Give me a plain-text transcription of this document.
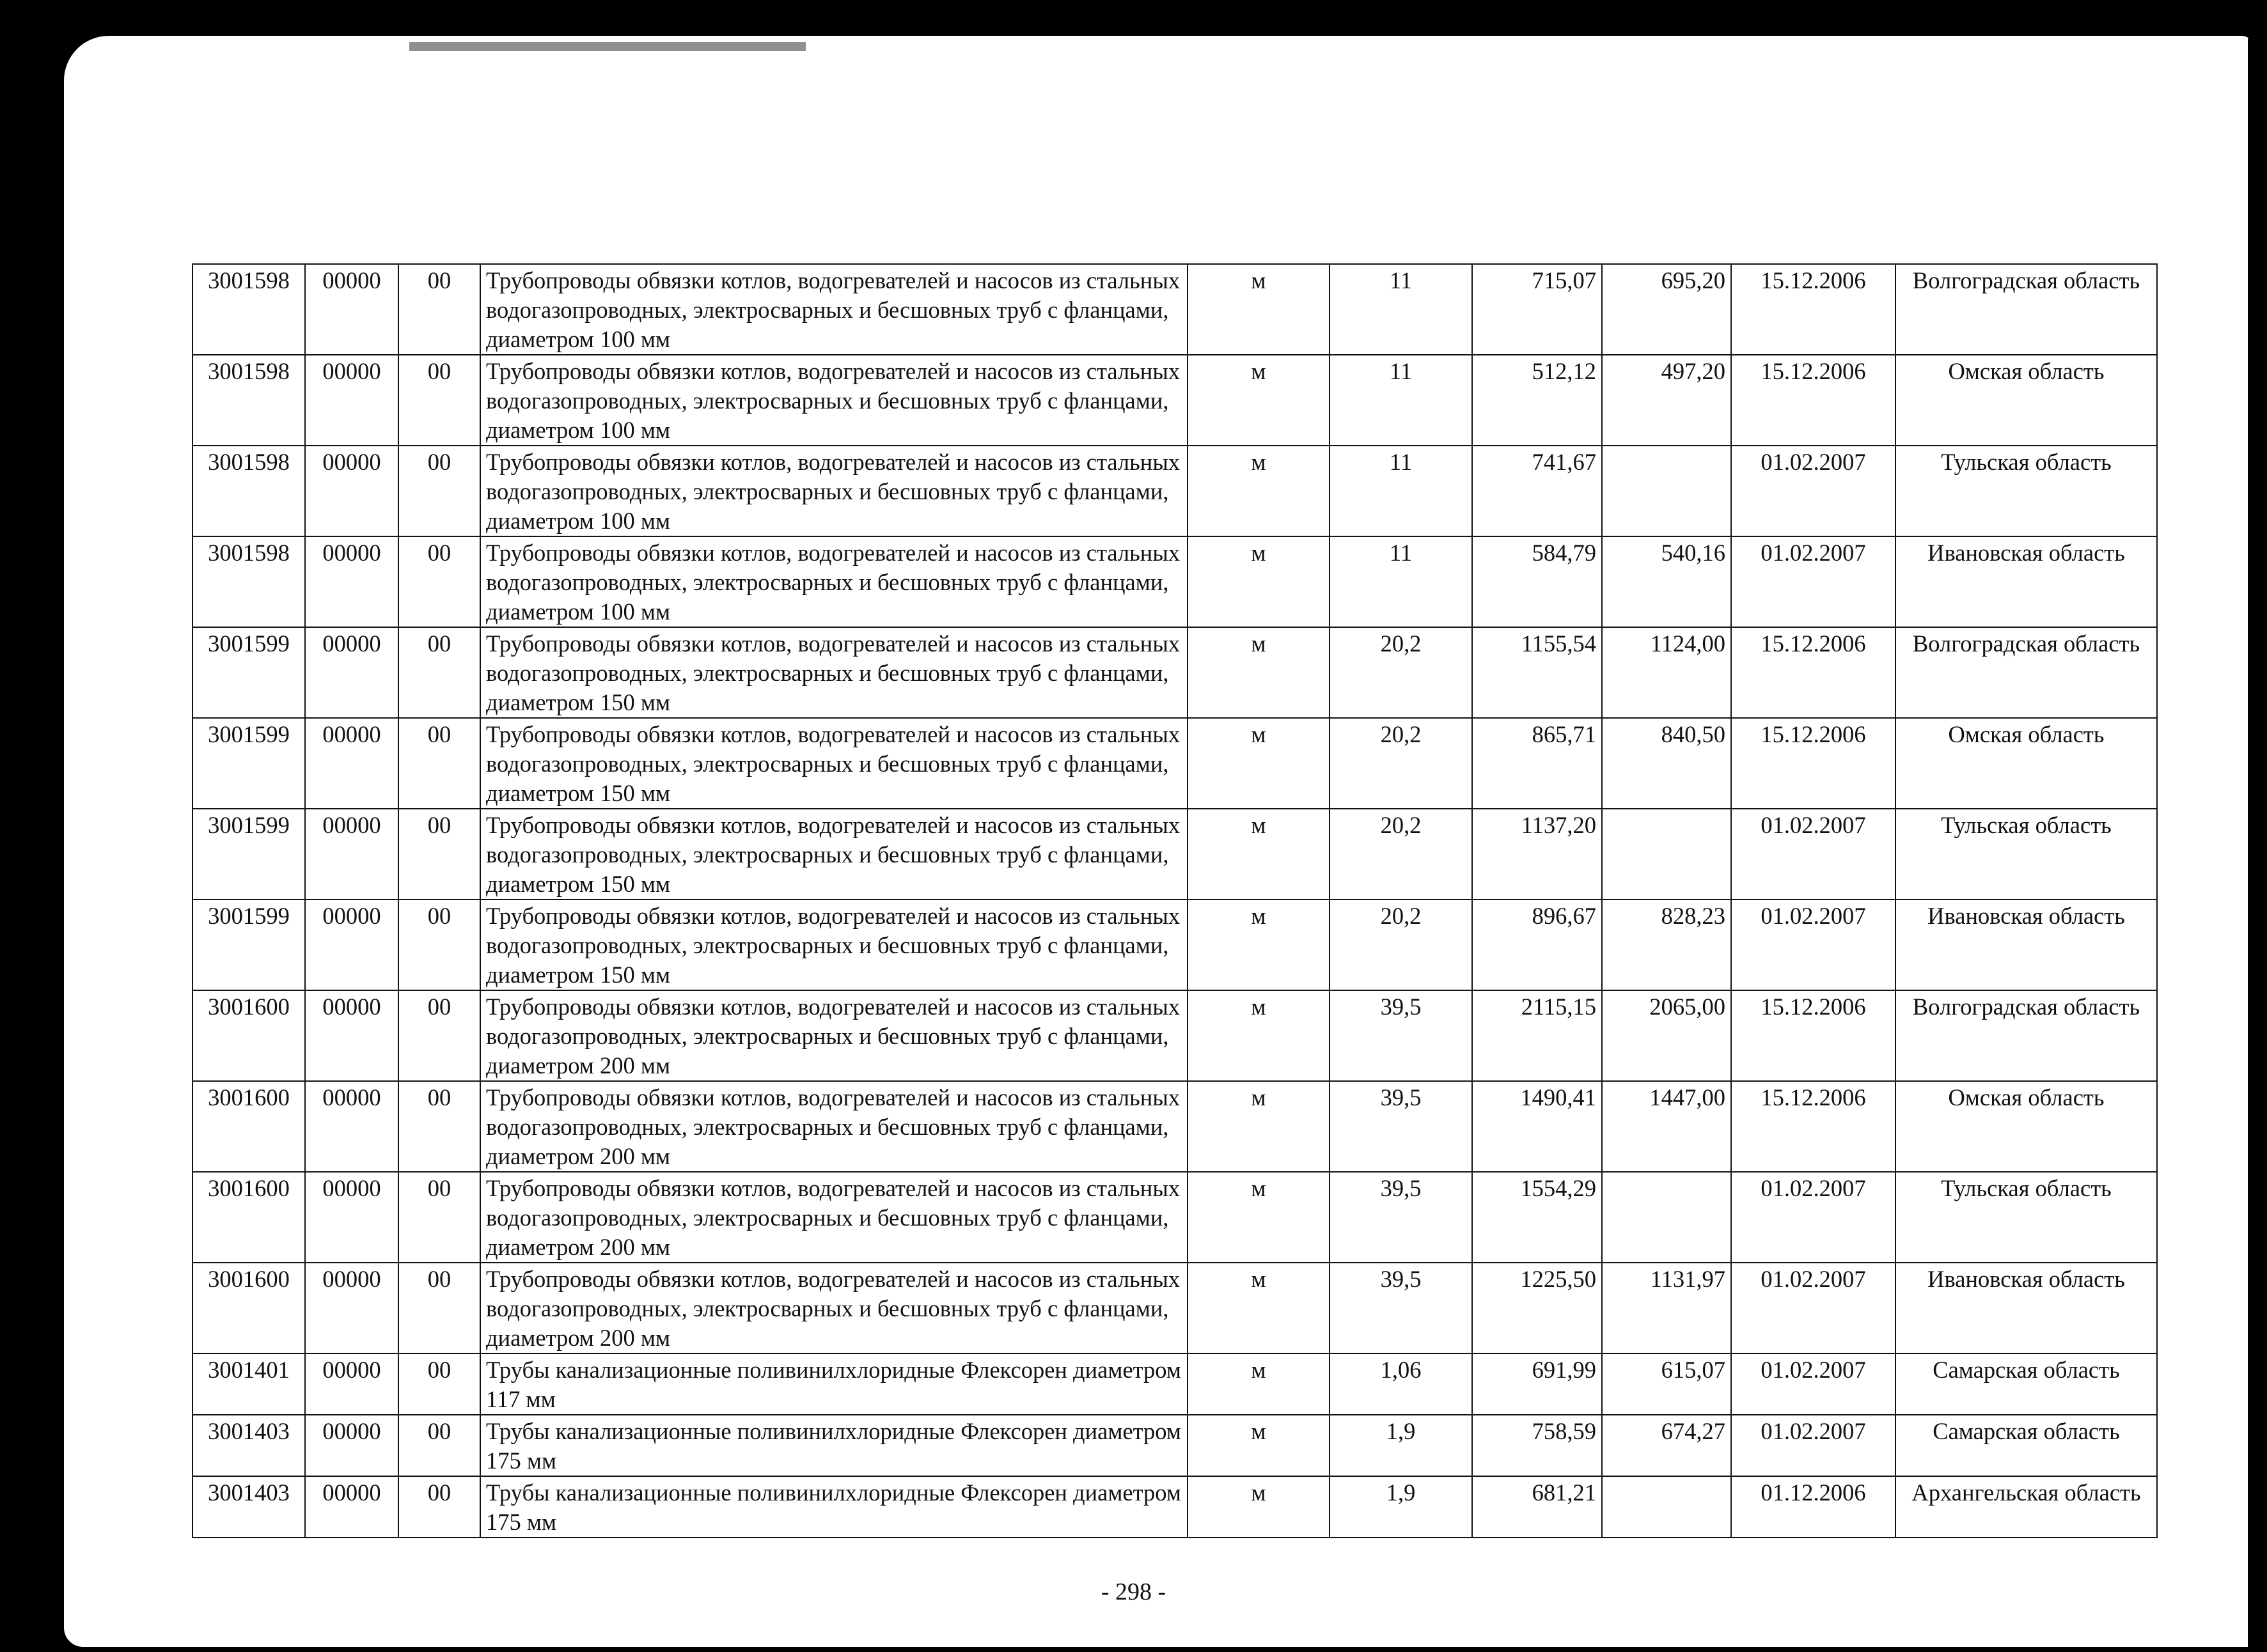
3001598	00000	00	Трубопроводы обвязки котлов, водогревателей и насосов из стальных водогазопроводных, электросварных и бесшовных труб с фланцами, диаметром 100 мм	м	11	715,07	695,20	15.12.2006	Волгоградская область
3001598	00000	00	Трубопроводы обвязки котлов, водогревателей и насосов из стальных водогазопроводных, электросварных и бесшовных труб с фланцами, диаметром 100 мм	м	11	512,12	497,20	15.12.2006	Омская область
3001598	00000	00	Трубопроводы обвязки котлов, водогревателей и насосов из стальных водогазопроводных, электросварных и бесшовных труб с фланцами, диаметром 100 мм	м	11	741,67		01.02.2007	Тульская область
3001598	00000	00	Трубопроводы обвязки котлов, водогревателей и насосов из стальных водогазопроводных, электросварных и бесшовных труб с фланцами, диаметром 100 мм	м	11	584,79	540,16	01.02.2007	Ивановская область
3001599	00000	00	Трубопроводы обвязки котлов, водогревателей и насосов из стальных водогазопроводных, электросварных и бесшовных труб с фланцами, диаметром 150 мм	м	20,2	1155,54	1124,00	15.12.2006	Волгоградская область
3001599	00000	00	Трубопроводы обвязки котлов, водогревателей и насосов из стальных водогазопроводных, электросварных и бесшовных труб с фланцами, диаметром 150 мм	м	20,2	865,71	840,50	15.12.2006	Омская область
3001599	00000	00	Трубопроводы обвязки котлов, водогревателей и насосов из стальных водогазопроводных, электросварных и бесшовных труб с фланцами, диаметром 150 мм	м	20,2	1137,20		01.02.2007	Тульская область
3001599	00000	00	Трубопроводы обвязки котлов, водогревателей и насосов из стальных водогазопроводных, электросварных и бесшовных труб с фланцами, диаметром 150 мм	м	20,2	896,67	828,23	01.02.2007	Ивановская область
3001600	00000	00	Трубопроводы обвязки котлов, водогревателей и насосов из стальных водогазопроводных, электросварных и бесшовных труб с фланцами, диаметром 200 мм	м	39,5	2115,15	2065,00	15.12.2006	Волгоградская область
3001600	00000	00	Трубопроводы обвязки котлов, водогревателей и насосов из стальных водогазопроводных, электросварных и бесшовных труб с фланцами, диаметром 200 мм	м	39,5	1490,41	1447,00	15.12.2006	Омская область
3001600	00000	00	Трубопроводы обвязки котлов, водогревателей и насосов из стальных водогазопроводных, электросварных и бесшовных труб с фланцами, диаметром 200 мм	м	39,5	1554,29		01.02.2007	Тульская область
3001600	00000	00	Трубопроводы обвязки котлов, водогревателей и насосов из стальных водогазопроводных, электросварных и бесшовных труб с фланцами, диаметром 200 мм	м	39,5	1225,50	1131,97	01.02.2007	Ивановская область
3001401	00000	00	Трубы канализационные поливинилхлоридные Флексорен диаметром 117 мм	м	1,06	691,99	615,07	01.02.2007	Самарская область
3001403	00000	00	Трубы канализационные поливинилхлоридные Флексорен диаметром 175 мм	м	1,9	758,59	674,27	01.02.2007	Самарская область
3001403	00000	00	Трубы канализационные поливинилхлоридные Флексорен диаметром 175 мм	м	1,9	681,21		01.12.2006	Архангельская область
- 298 -
